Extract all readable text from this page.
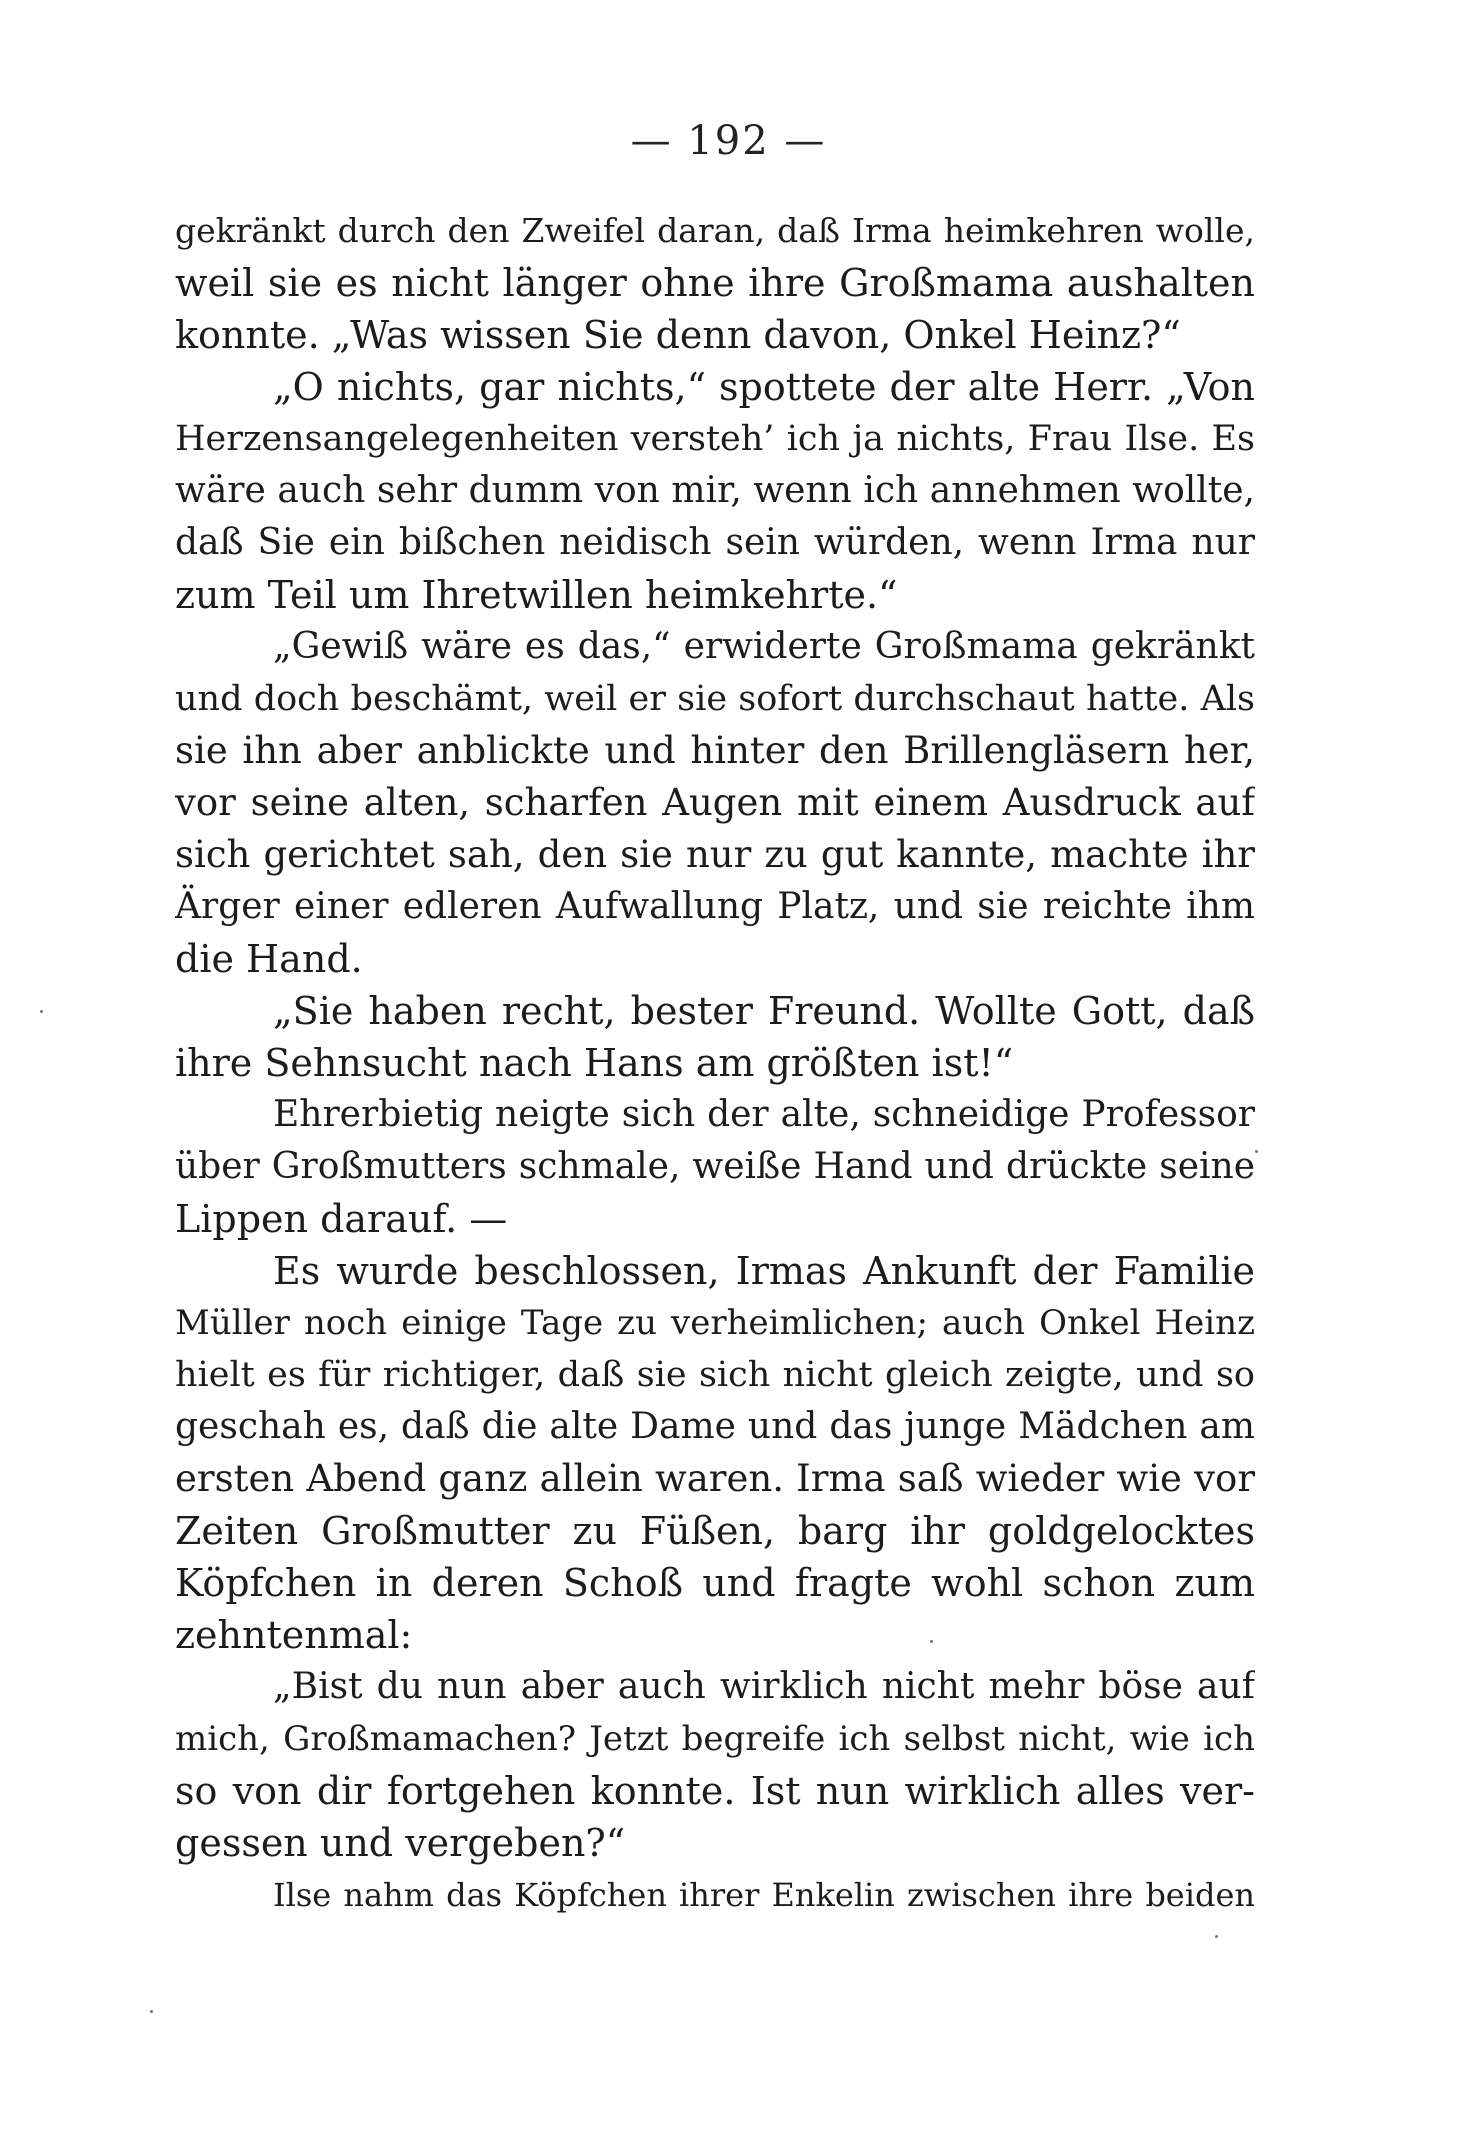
— 192 —
gekränkt durch den Zweifel daran, daß Irma heimkehren wolle,
weil sie es nicht länger ohne ihre Großmama aushalten
konnte. „Was wissen Sie denn davon, Onkel Heinz?“
„O nichts, gar nichts,“ spottete der alte Herr. „Von
Herzensangelegenheiten versteh’ ich ja nichts, Frau Ilse. Es
wäre auch sehr dumm von mir, wenn ich annehmen wollte,
daß Sie ein bißchen neidisch sein würden, wenn Irma nur
zum Teil um Ihretwillen heimkehrte.“
„Gewiß wäre es das,“ erwiderte Großmama gekränkt
und doch beschämt, weil er sie sofort durchschaut hatte. Als
sie ihn aber anblickte und hinter den Brillengläsern her,
vor seine alten, scharfen Augen mit einem Ausdruck auf
sich gerichtet sah, den sie nur zu gut kannte, machte ihr
Ärger einer edleren Aufwallung Platz, und sie reichte ihm
die Hand.
„Sie haben recht, bester Freund. Wollte Gott, daß
ihre Sehnsucht nach Hans am größten ist!“
Ehrerbietig neigte sich der alte, schneidige Professor
über Großmutters schmale, weiße Hand und drückte seine
Lippen darauf. —
Es wurde beschlossen, Irmas Ankunft der Familie
Müller noch einige Tage zu verheimlichen; auch Onkel Heinz
hielt es für richtiger, daß sie sich nicht gleich zeigte, und so
geschah es, daß die alte Dame und das junge Mädchen am
ersten Abend ganz allein waren. Irma saß wieder wie vor
Zeiten Großmutter zu Füßen, barg ihr goldgelocktes
Köpfchen in deren Schoß und fragte wohl schon zum
zehntenmal:
„Bist du nun aber auch wirklich nicht mehr böse auf
mich, Großmamachen? Jetzt begreife ich selbst nicht, wie ich
so von dir fortgehen konnte. Ist nun wirklich alles ver-
gessen und vergeben?“
Ilse nahm das Köpfchen ihrer Enkelin zwischen ihre beiden
